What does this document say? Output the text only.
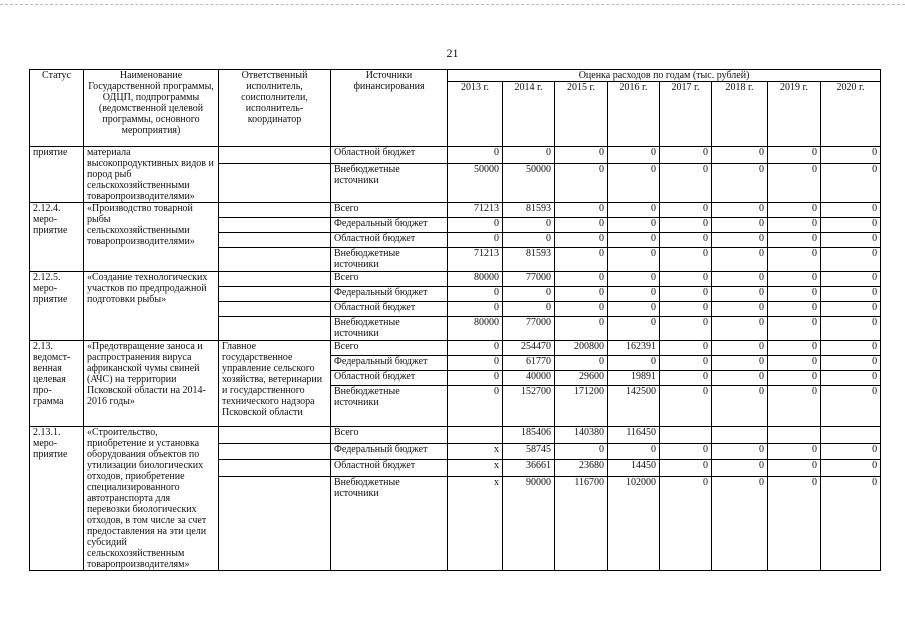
21
Статус	Наименование Государственной программы, ОДЦП, подпрограммы (ведомственной целевой программы, основного мероприятия)	Ответственный исполнитель, соисполнители, исполнитель-координатор	Источники финансирования	Оценка расходов по годам (тыс. рублей)							
				2013 г.	2014 г.	2015 г.	2016 г.	2017 г.	2018 г.	2019 г.	2020 г.
приятие	материала высокопродуктивных видов и пород рыб сельскохозяйственными товаропроизводителями»		Областной бюджет	0	0	0	0	0	0	0	0
			Внебюджетные источники	50000	50000	0	0	0	0	0	0
2.12.4. меро-приятие	«Производство товарной рыбы сельскохозяйственными товаропроизводителями»		Всего	71213	81593	0	0	0	0	0	0
			Федеральный бюджет	0	0	0	0	0	0	0	0
			Областной бюджет	0	0	0	0	0	0	0	0
			Внебюджетные источники	71213	81593	0	0	0	0	0	0
2.12.5. меро-приятие	«Создание технологических участков по предпродажной подготовки рыбы»		Всего	80000	77000	0	0	0	0	0	0
			Федеральный бюджет	0	0	0	0	0	0	0	0
			Областной бюджет	0	0	0	0	0	0	0	0
			Внебюджетные источники	80000	77000	0	0	0	0	0	0
2.13. ведомст-венная целевая про-грамма	«Предотвращение заноса и распространения вируса африканской чумы свиней (АЧС) на территории Псковской области на 2014-2016 годы»	Главное государственное управление сельского хозяйства, ветеринарии и государственного технического надзора Псковской области	Всего	0	254470	200800	162391	0	0	0	0
			Федеральный бюджет	0	61770	0	0	0	0	0	0
			Областной бюджет	0	40000	29600	19891	0	0	0	0
			Внебюджетные источники	0	152700	171200	142500	0	0	0	0
2.13.1. меро-приятие	«Строительство, приобретение и установка оборудования объектов по утилизации биологических отходов, приобретение специализированного автотранспорта для перевозки биологических отходов, в том числе за счет предоставления на эти цели субсидий сельскохозяйственным товаропроизводителям»		Всего		185406	140380	116450				
			Федеральный бюджет	x	58745	0	0	0	0	0	0
			Областной бюджет	x	36661	23680	14450	0	0	0	0
			Внебюджетные источники	x	90000	116700	102000	0	0	0	0
